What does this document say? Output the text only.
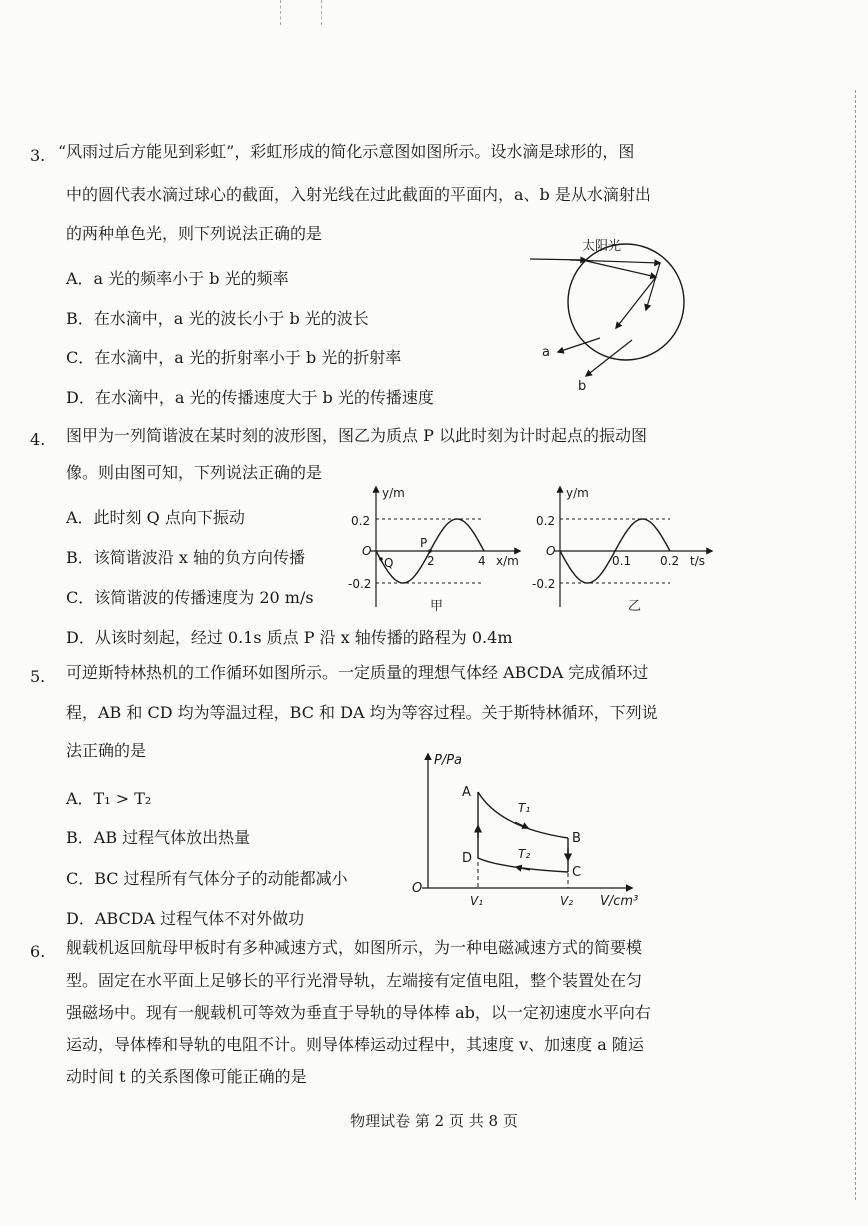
3. “风雨过后方能见到彩虹”，彩虹形成的简化示意图如图所示。设水滴是球形的，图
中的圆代表水滴过球心的截面，入射光线在过此截面的平面内，a、b 是从水滴射出
的两种单色光，则下列说法正确的是
A．a 光的频率小于 b 光的频率
B．在水滴中，a 光的波长小于 b 光的波长
C．在水滴中，a 光的折射率小于 b 光的折射率
D．在水滴中，a 光的传播速度大于 b 光的传播速度
太阳光
a
b
4. 图甲为一列简谐波在某时刻的波形图，图乙为质点 P 以此时刻为计时起点的振动图
像。则由图可知，下列说法正确的是
A．此时刻 Q 点向下振动
B．该简谐波沿 x 轴的负方向传播
C．该简谐波的传播速度为 20 m/s
D．从该时刻起，经过 0.1s 质点 P 沿 x 轴传播的路程为 0.4m
y/m
x/m
O
0.2
-0.2
2	4
P
Q
甲
y/m
t/s
O
0.2
-0.2
0.1 0.2
乙
5. 可逆斯特林热机的工作循环如图所示。一定质量的理想气体经 ABCDA 完成循环过
程，AB 和 CD 均为等温过程，BC 和 DA 均为等容过程。关于斯特林循环，下列说
法正确的是
A．T₁ > T₂
B．AB 过程气体放出热量
C．BC 过程所有气体分子的动能都减小
D．ABCDA 过程气体不对外做功
P/Pa
V/cm³
O
A
B
C
D
T₁
T₂
V₁	V₂
6. 舰载机返回航母甲板时有多种减速方式，如图所示，为一种电磁减速方式的简要模
型。固定在水平面上足够长的平行光滑导轨，左端接有定值电阻，整个装置处在匀
强磁场中。现有一舰载机可等效为垂直于导轨的导体棒 ab，以一定初速度水平向右
运动，导体棒和导轨的电阻不计。则导体棒运动过程中，其速度 v、加速度 a 随运
动时间 t 的关系图像可能正确的是
物理试卷 第 2 页 共 8 页
